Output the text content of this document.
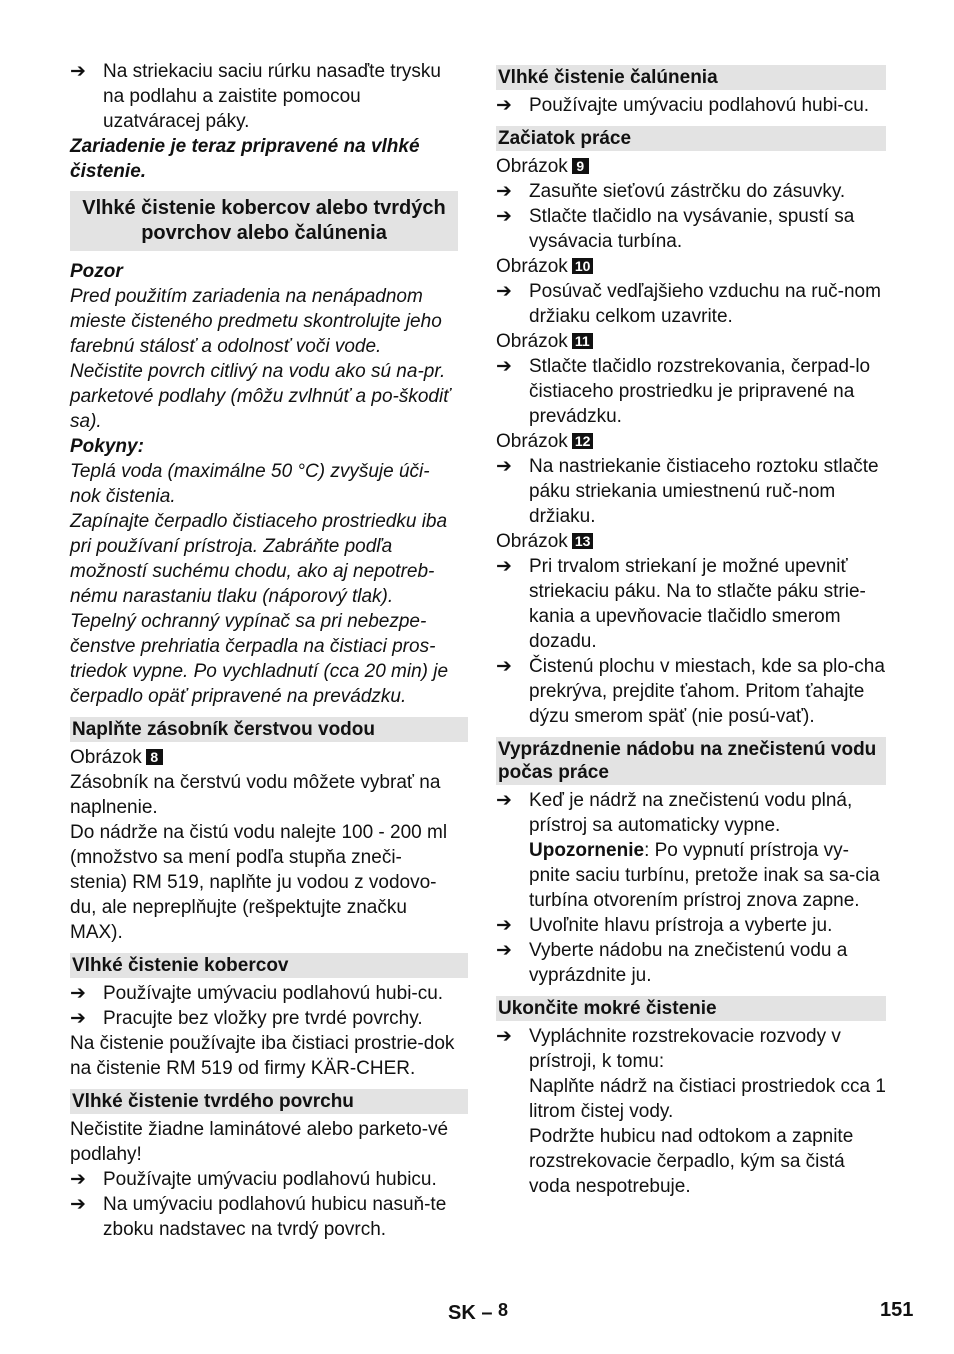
➔ Na striekaciu saciu rúrku nasaďte trysku na podlahu a zaistite pomocou uzatváracej páky.

Zariadenie je teraz pripravené na vlhké čistenie.

Vlhké čistenie kobercov alebo tvrdých povrchov alebo čalúnenia

Pozor

Pred použitím zariadenia na nenápadnom mieste čisteného predmetu skontrolujte jeho farebnú stálosť a odolnosť voči vode. Nečistite povrch citlivý na vodu ako sú na-pr. parketové podlahy (môžu zvlhnúť a po-škodiť sa).

Pokyny:

Teplá voda (maximálne 50 °C) zvyšuje úči-nok čistenia.

Zapínajte čerpadlo čistiaceho prostriedku iba pri používaní prístroja. Zabráňte podľa možností suchému chodu, ako aj nepotreb-nému narastaniu tlaku (náporový tlak).

Tepelný ochranný vypínač sa pri nebezpe-čenstve prehriatia čerpadla na čistiaci pros-triedok vypne. Po vychladnutí (cca 20 min) je čerpadlo opäť pripravené na prevádzku.

Naplňte zásobník čerstvou vodou

Obrázok 8

Zásobník na čerstvú vodu môžete vybrať na naplnenie.

Do nádrže na čistú vodu nalejte 100 - 200 ml (množstvo sa mení podľa stupňa zneči-stenia) RM 519, naplňte ju vodou z vodovo-du, ale nepreplňujte (rešpektujte značku MAX).

Vlhké čistenie kobercov
➔ Používajte umývaciu podlahovú hubi-cu.

➔ Pracujte bez vložky pre tvrdé povrchy.

Na čistenie používajte iba čistiaci prostrie-dok na čistenie RM 519 od firmy KÄR-CHER.

Vlhké čistenie tvrdého povrchu

Nečistite žiadne laminátové alebo parketo-vé podlahy!

➔ Používajte umývaciu podlahovú hubicu.

➔ Na umývaciu podlahovú hubicu nasuň-te zboku nadstavec na tvrdý povrch.

Vlhké čistenie čalúnenia
➔ Používajte umývaciu podlahovú hubi-cu.

Začiatok práce

Obrázok 9

➔ Zasuňte sieťovú zástrčku do zásuvky.

➔ Stlačte tlačidlo na vysávanie, spustí sa vysávacia turbína.

Obrázok 10

➔ Posúvač vedľajšieho vzduchu na ruč-nom držiaku celkom uzavrite.

Obrázok 11

➔ Stlačte tlačidlo rozstrekovania, čerpad-lo čistiaceho prostriedku je pripravené na prevádzku.

Obrázok 12

➔ Na nastriekanie čistiaceho roztoku stlačte páku striekania umiestnenú ruč-nom držiaku.

Obrázok 13

➔ Pri trvalom striekaní je možné upevniť striekaciu páku. Na to stlačte páku strie-kania a upevňovacie tlačidlo smerom dozadu.

➔ Čistenú plochu v miestach, kde sa plo-cha prekrýva, prejdite ťahom. Pritom ťahajte dýzu smerom späť (nie posú-vať).

Vyprázdnenie nádobu na znečistenú vodu počas práce
➔ Keď je nádrž na znečistenú vodu plná, prístroj sa automaticky vypne.

Upozornenie: Po vypnutí prístroja vy-pnite saciu turbínu, pretože inak sa sa-cia turbína otvorením prístroj znova zapne.

➔ Uvoľnite hlavu prístroja a vyberte ju.

➔ Vyberte nádobu na znečistenú vodu a vyprázdnite ju.

Ukončite mokré čistenie
➔ Vypláchnite rozstrekovacie rozvody v prístroji, k tomu:

Naplňte nádrž na čistiaci prostriedok cca 1 litrom čistej vody.

Podržte hubicu nad odtokom a zapnite rozstrekovacie čerpadlo, kým sa čistá voda nespotrebuje.

SK – 8	151
